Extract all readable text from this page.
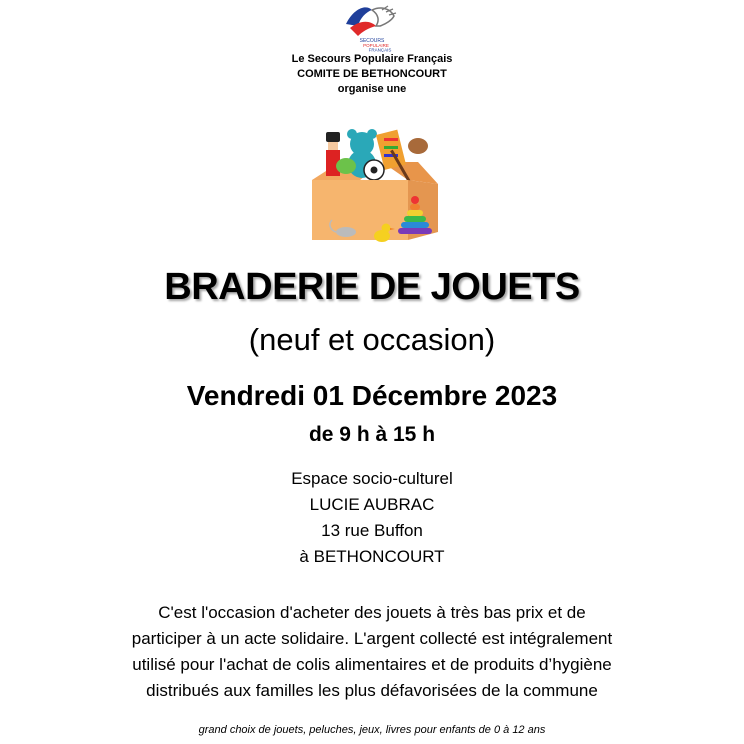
SECOURS
POPULAIRE
FRANÇAIS
Le Secours Populaire Français
COMITE DE BETHONCOURT
organise une
BRADERIE DE JOUETS
(neuf et occasion)
Vendredi 01 Décembre 2023
de 9 h à 15 h
Espace socio-culturel
LUCIE AUBRAC
13 rue Buffon
à BETHONCOURT
C'est l'occasion d'acheter des jouets à très bas prix et de
participer à un acte solidaire. L'argent collecté est intégralement
utilisé pour l'achat de colis alimentaires et de produits d’hygiène
distribués aux familles les plus défavorisées de la commune
grand choix de jouets, peluches, jeux, livres pour enfants de 0 à 12 ans
